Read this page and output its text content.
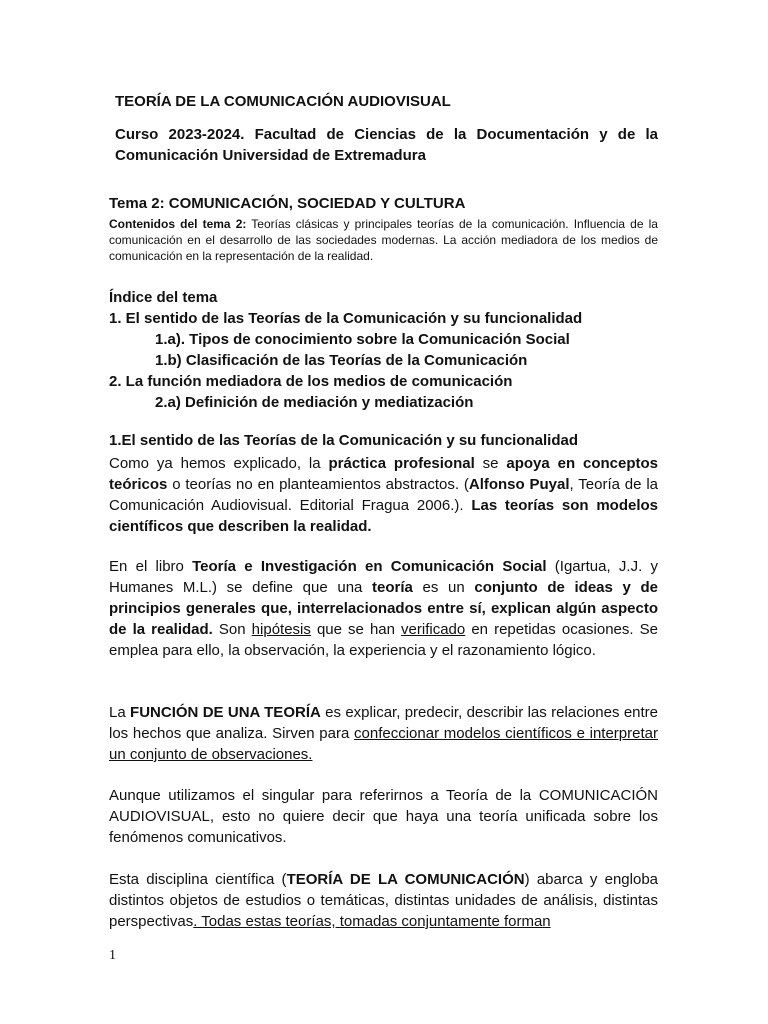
TEORÍA DE LA COMUNICACIÓN AUDIOVISUAL
Curso 2023-2024. Facultad de Ciencias de la Documentación y de la Comunicación Universidad de Extremadura
Tema 2: COMUNICACIÓN, SOCIEDAD Y CULTURA
Contenidos del tema 2: Teorías clásicas y principales teorías de la comunicación. Influencia de la comunicación en el desarrollo de las sociedades modernas. La acción mediadora de los medios de comunicación en la representación de la realidad.
Índice del tema
1. El sentido de las Teorías de la Comunicación y su funcionalidad
1.a). Tipos de conocimiento sobre la Comunicación Social
1.b) Clasificación de las Teorías de la Comunicación
2. La función mediadora de los medios de comunicación
2.a) Definición de mediación y mediatización
1.El sentido de las Teorías de la Comunicación y su funcionalidad
Como ya hemos explicado, la práctica profesional se apoya en conceptos teóricos o teorías no en planteamientos abstractos. (Alfonso Puyal, Teoría de la Comunicación Audiovisual. Editorial Fragua 2006.). Las teorías son modelos científicos que describen la realidad.
En el libro Teoría e Investigación en Comunicación Social (Igartua, J.J. y Humanes M.L.) se define que una teoría es un conjunto de ideas y de principios generales que, interrelacionados entre sí, explican algún aspecto de la realidad. Son hipótesis que se han verificado en repetidas ocasiones. Se emplea para ello, la observación, la experiencia y el razonamiento lógico.
La FUNCIÓN DE UNA TEORÍA es explicar, predecir, describir las relaciones entre los hechos que analiza. Sirven para confeccionar modelos científicos e interpretar un conjunto de observaciones.
Aunque utilizamos el singular para referirnos a Teoría de la COMUNICACIÓN AUDIOVISUAL, esto no quiere decir que haya una teoría unificada sobre los fenómenos comunicativos.
Esta disciplina científica (TEORÍA DE LA COMUNICACIÓN) abarca y engloba distintos objetos de estudios o temáticas, distintas unidades de análisis, distintas perspectivas. Todas estas teorías, tomadas conjuntamente forman
1
